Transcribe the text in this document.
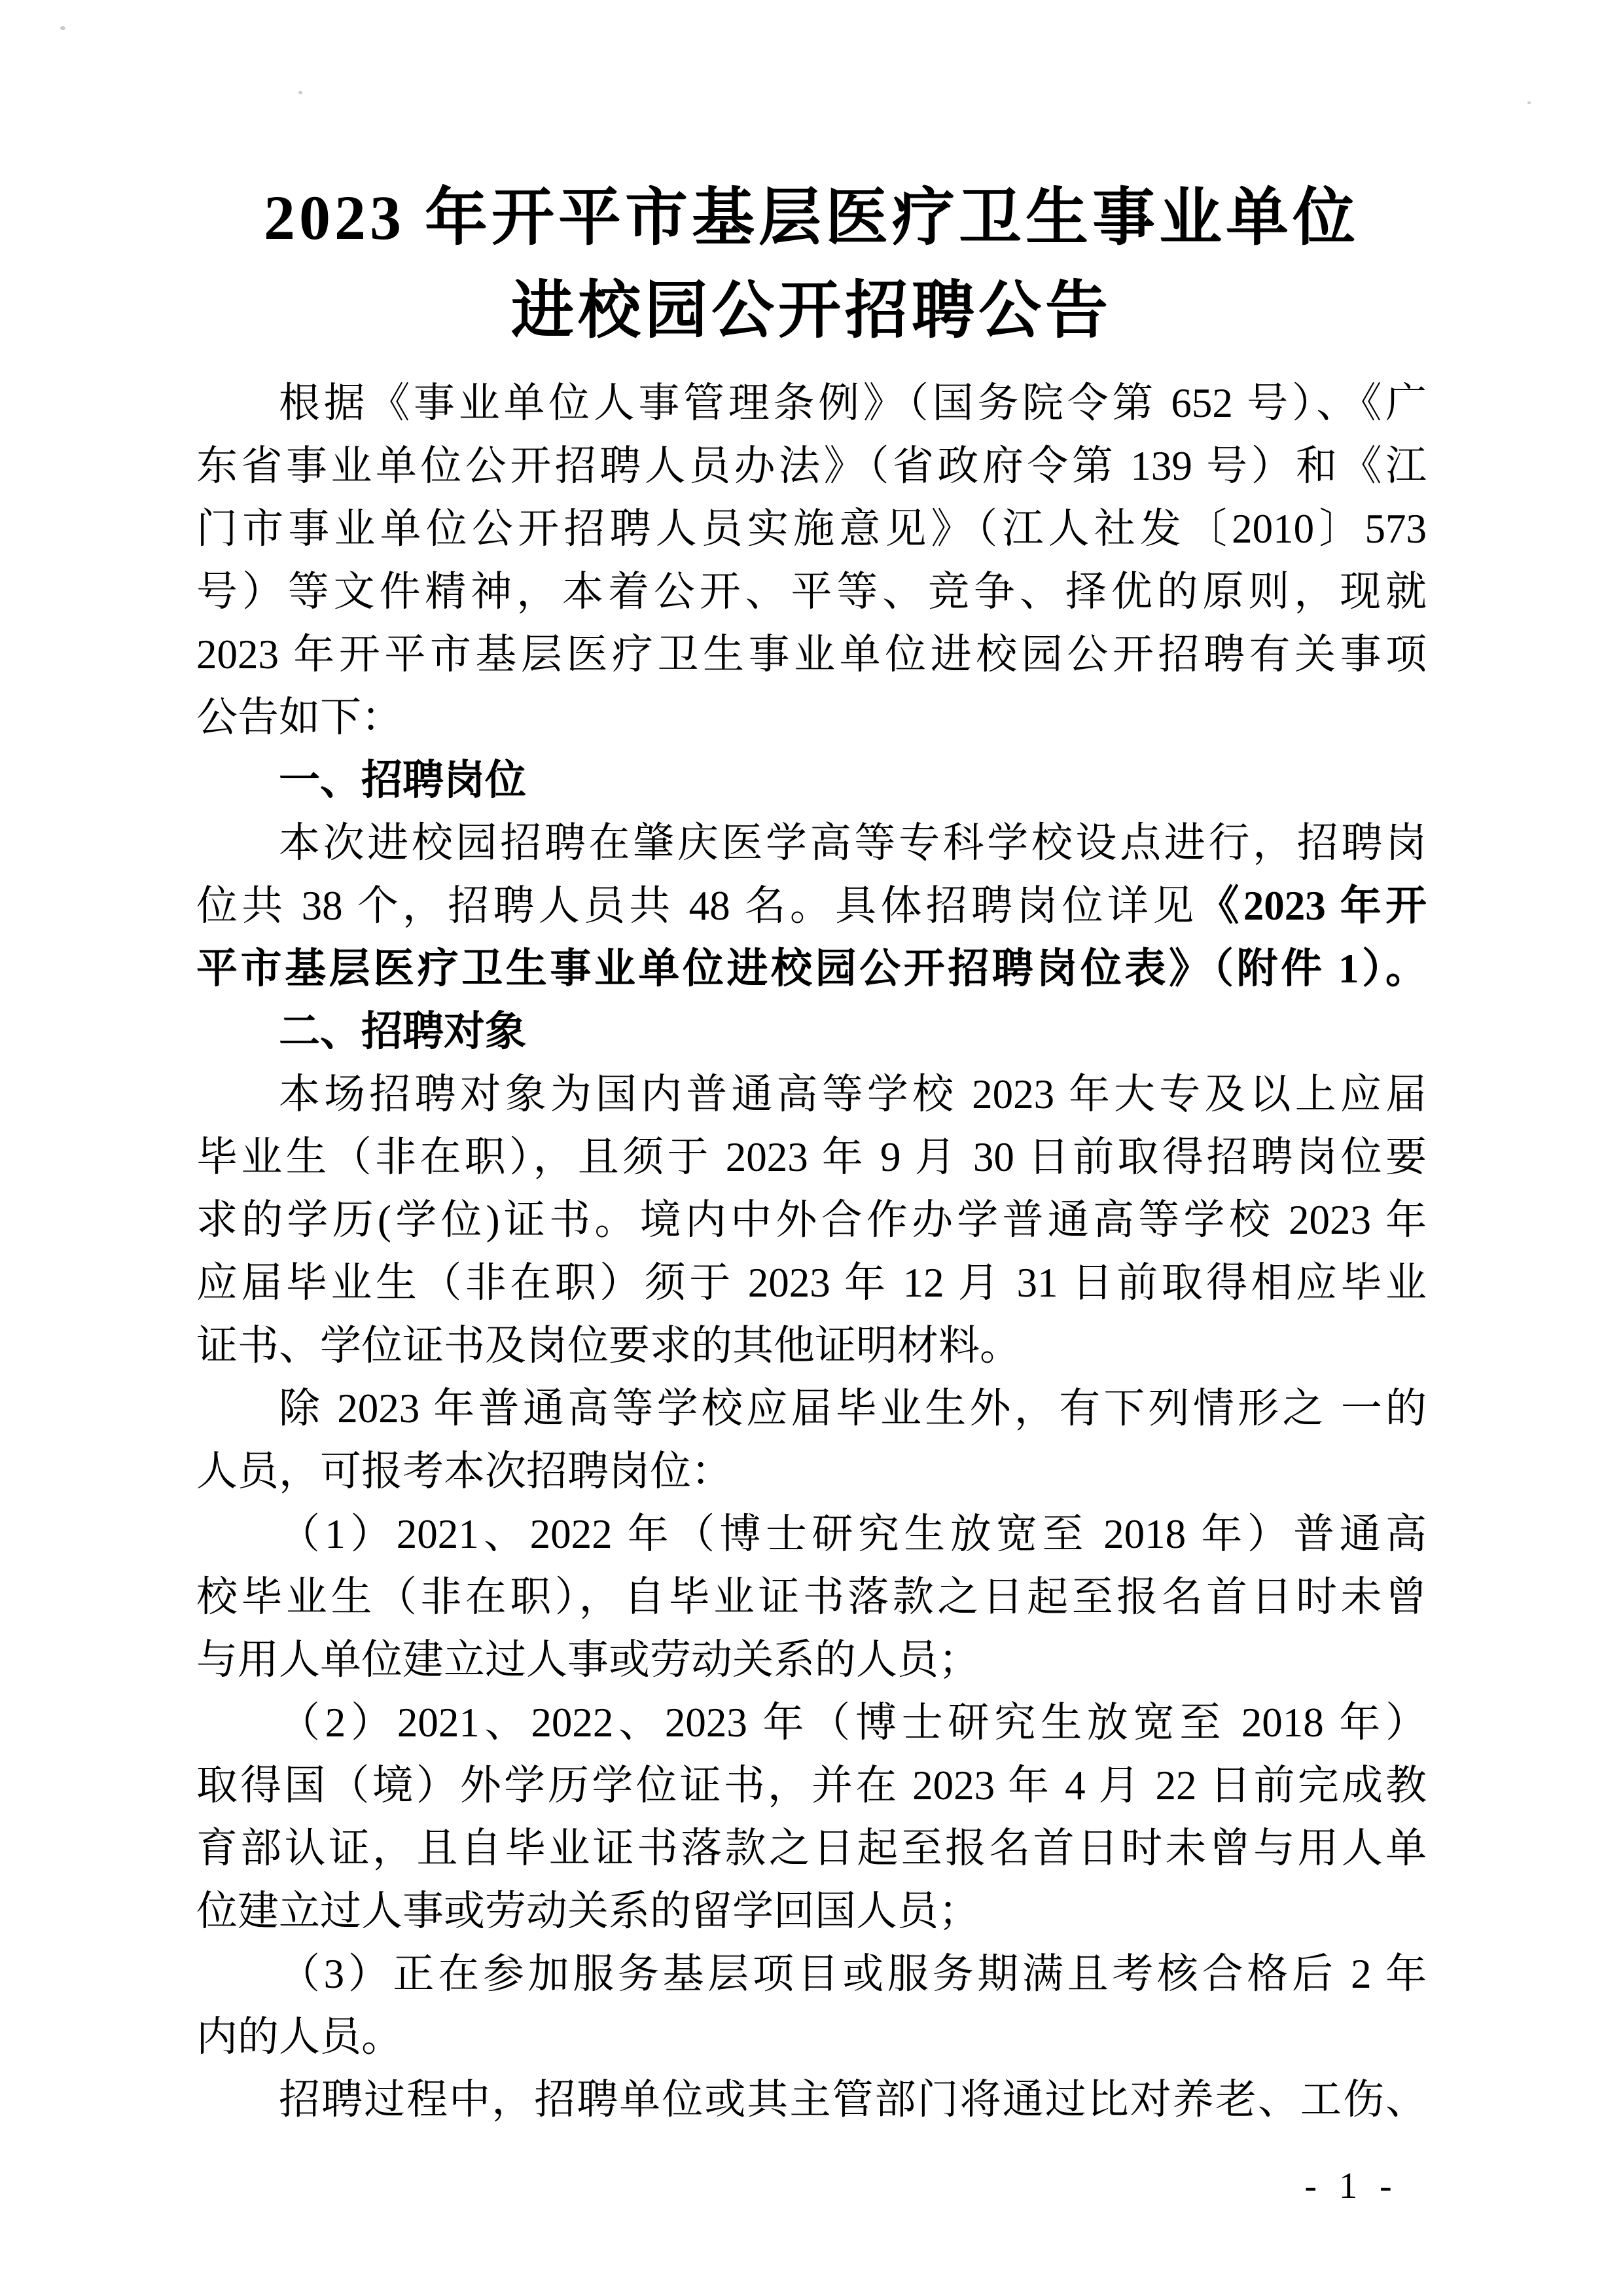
2023 年开平市基层医疗卫生事业单位
进校园公开招聘公告
根据《事业单位人事管理条例》（国务院令第 652 号）、《广
东省事业单位公开招聘人员办法》（省政府令第 139 号）和《江
门市事业单位公开招聘人员实施意见》（江人社发〔2010〕573
号）等文件精神，本着公开、平等、竞争、择优的原则，现就
2023 年开平市基层医疗卫生事业单位进校园公开招聘有关事项
公告如下：
一、招聘岗位
本次进校园招聘在肇庆医学高等专科学校设点进行，招聘岗
位共 38 个，招聘人员共 48 名。具体招聘岗位详见《2023 年开
平市基层医疗卫生事业单位进校园公开招聘岗位表》（附件 1）。
二、招聘对象
本场招聘对象为国内普通高等学校 2023 年大专及以上应届
毕业生（非在职），且须于 2023 年 9 月 30 日前取得招聘岗位要
求的学历(学位)证书。境内中外合作办学普通高等学校 2023 年
应届毕业生（非在职）须于 2023 年 12 月 31 日前取得相应毕业
证书、学位证书及岗位要求的其他证明材料。
除 2023 年普通高等学校应届毕业生外，有下列情形之 一的
人员，可报考本次招聘岗位：
（1）2021、2022 年（博士研究生放宽至 2018 年）普通高
校毕业生（非在职），自毕业证书落款之日起至报名首日时未曾
与用人单位建立过人事或劳动关系的人员；
（2）2021、2022、2023 年（博士研究生放宽至 2018 年）
取得国（境）外学历学位证书，并在 2023 年 4 月 22 日前完成教
育部认证，且自毕业证书落款之日起至报名首日时未曾与用人单
位建立过人事或劳动关系的留学回国人员；
（3）正在参加服务基层项目或服务期满且考核合格后 2 年
内的人员。
招聘过程中，招聘单位或其主管部门将通过比对养老、工伤、
- 1 -
